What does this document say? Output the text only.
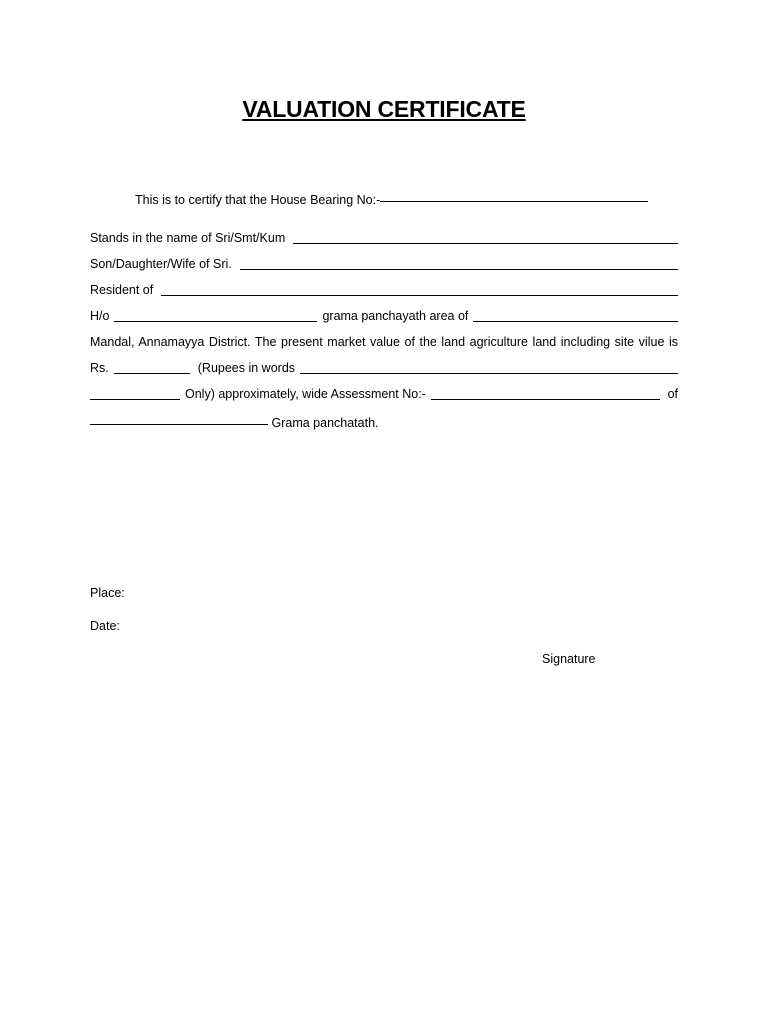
VALUATION CERTIFICATE
This is to certify that the House Bearing No:-
Stands in the name of Sri/Smt/Kum
Son/Daughter/Wife of Sri.
Resident of
H/o	grama panchayath area of
Mandal, Annamayya District. The present market value of the land agriculture land including site vilue is
Rs.	(Rupees in words
Only) approximately, wide Assessment No:-	of
Grama panchatath.
Place:
Date:
Signature
